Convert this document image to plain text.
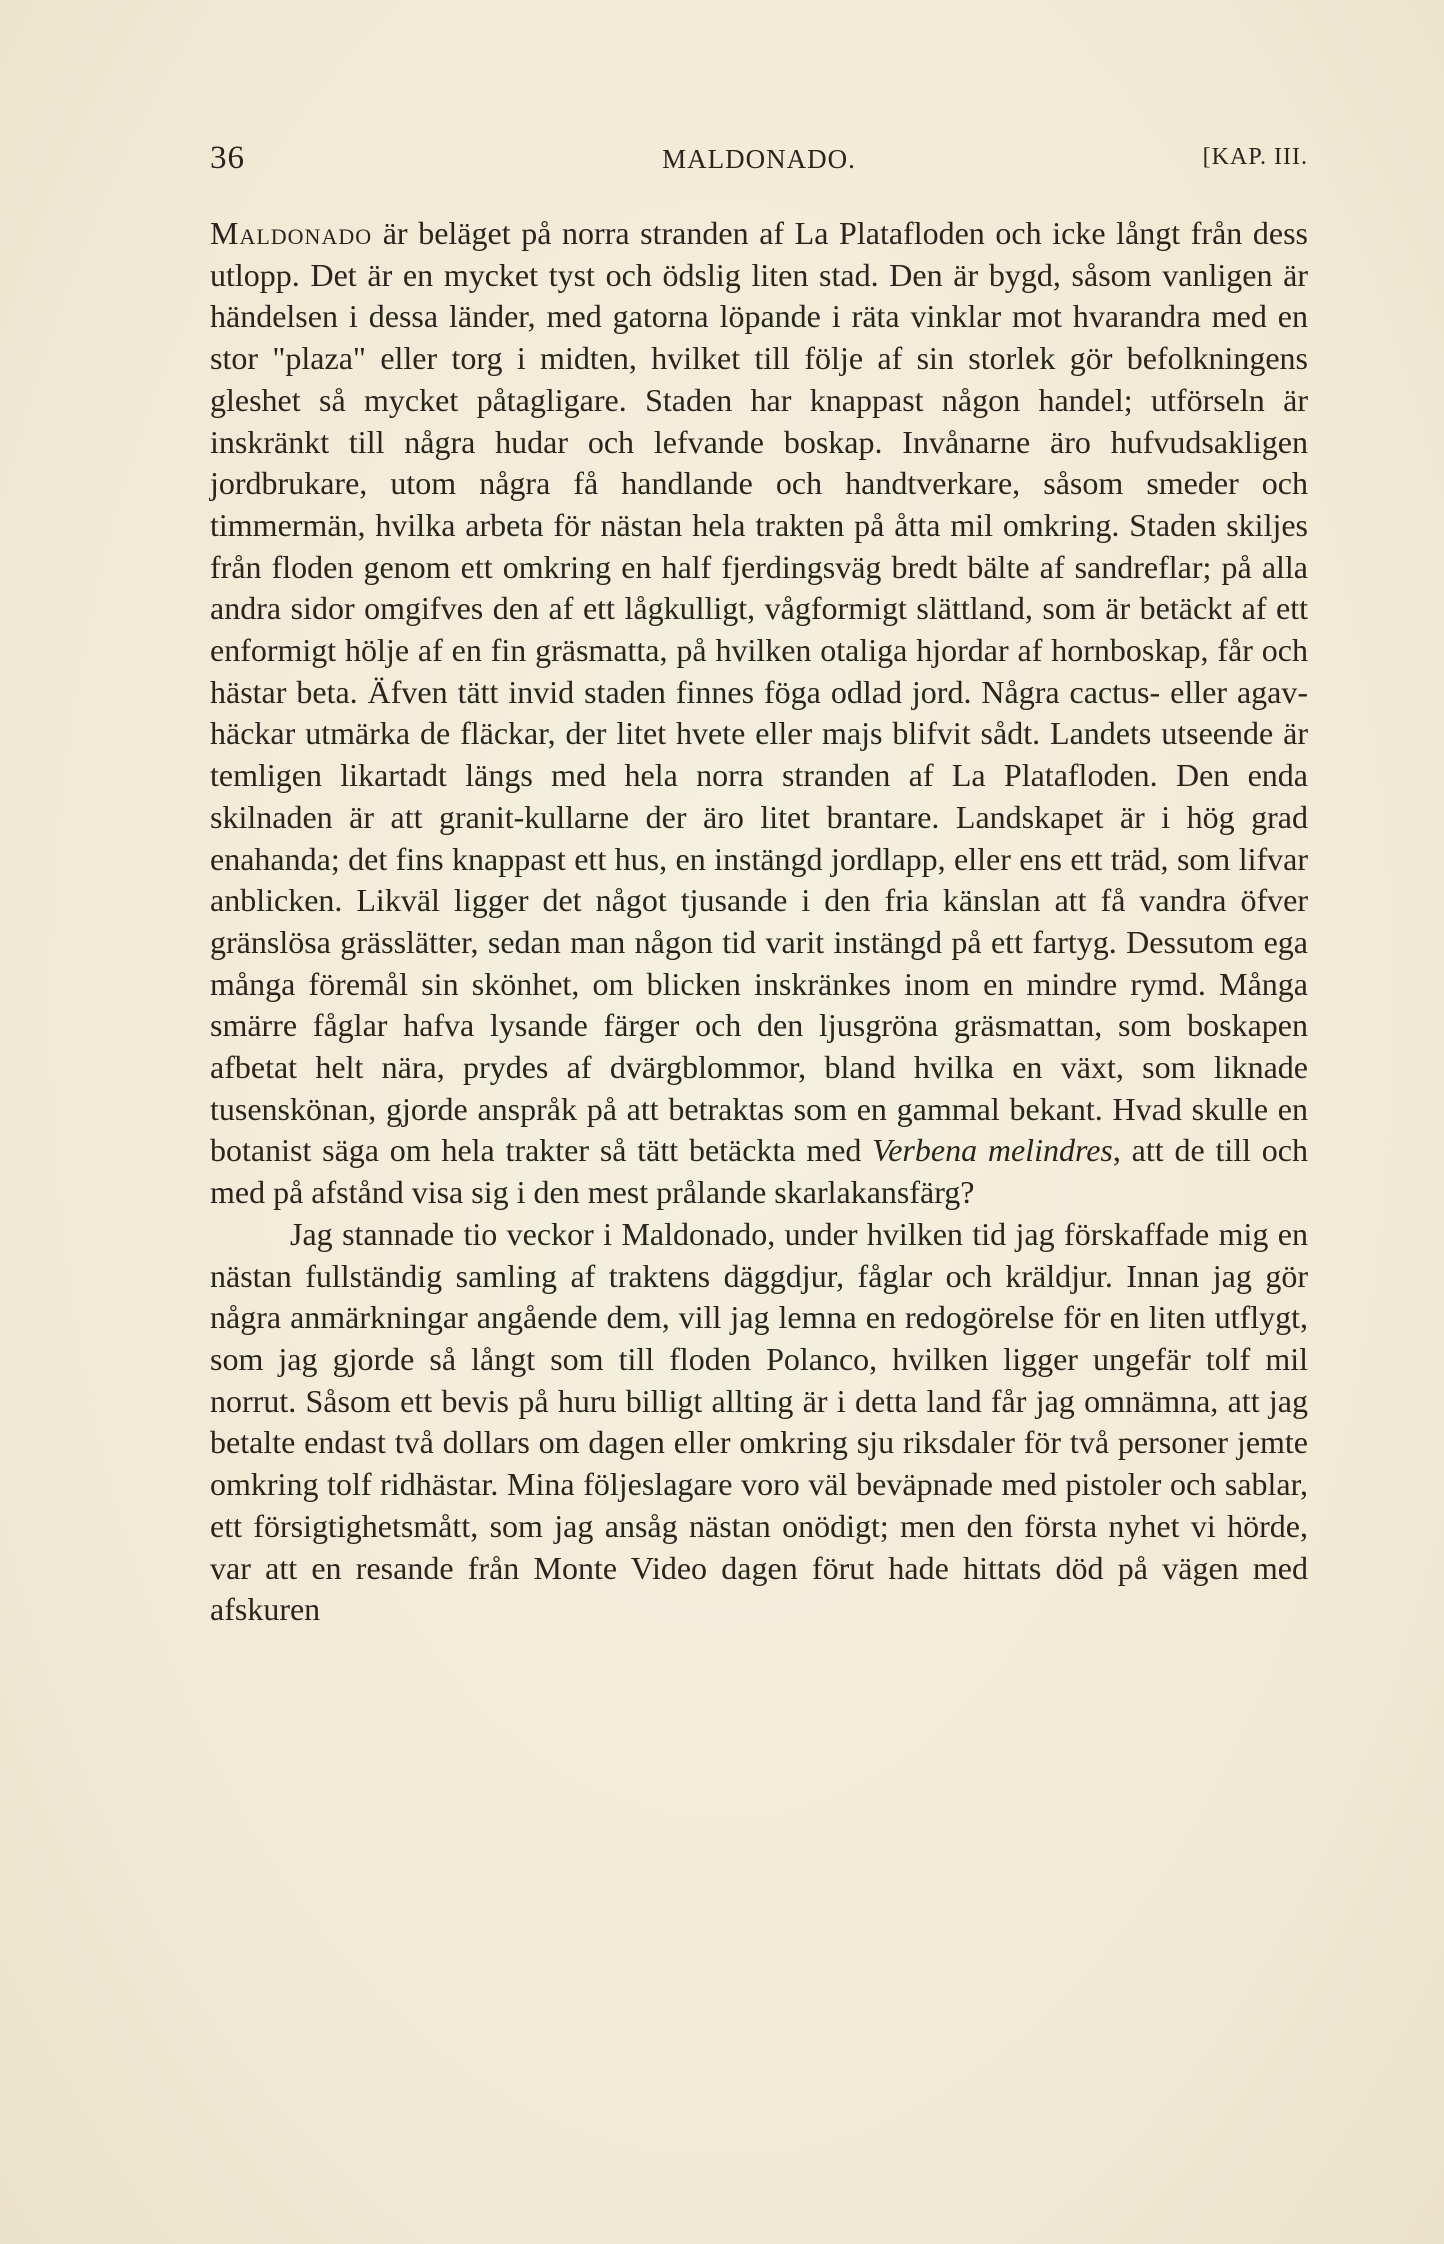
36	MALDONADO.	[KAP. III.

Maldonado är beläget på norra stranden af La Platafloden och icke långt från dess utlopp. Det är en mycket tyst och ödslig liten stad. Den är bygd, såsom vanligen är händelsen i dessa länder, med gatorna löpande i räta vinklar mot hvarandra med en stor "plaza" eller torg i midten, hvilket till följe af sin storlek gör befolkningens gleshet så mycket påtagligare. Staden har knappast någon handel; utförseln är inskränkt till några hudar och lefvande boskap. Invånarne äro hufvudsakligen jordbrukare, utom några få handlande och handtverkare, såsom smeder och timmermän, hvilka arbeta för nästan hela trakten på åtta mil omkring. Staden skiljes från floden genom ett omkring en half fjerdingsväg bredt bälte af sandreflar; på alla andra sidor omgifves den af ett lågkulligt, vågformigt slättland, som är betäckt af ett enformigt hölje af en fin gräsmatta, på hvilken otaliga hjordar af hornboskap, får och hästar beta. Äfven tätt invid staden finnes föga odlad jord. Några cactus- eller agav-häckar utmärka de fläckar, der litet hvete eller majs blifvit sådt. Landets utseende är temligen likartadt längs med hela norra stranden af La Platafloden. Den enda skilnaden är att granit-kullarne der äro litet brantare. Landskapet är i hög grad enahanda; det fins knappast ett hus, en instängd jordlapp, eller ens ett träd, som lifvar anblicken. Likväl ligger det något tjusande i den fria känslan att få vandra öfver gränslösa grässlätter, sedan man någon tid varit instängd på ett fartyg. Dessutom ega många föremål sin skönhet, om blicken inskränkes inom en mindre rymd. Många smärre fåglar hafva lysande färger och den ljusgröna gräsmattan, som boskapen afbetat helt nära, prydes af dvärgblommor, bland hvilka en växt, som liknade tusenskönan, gjorde anspråk på att betraktas som en gammal bekant. Hvad skulle en botanist säga om hela trakter så tätt betäckta med Verbena melindres, att de till och med på afstånd visa sig i den mest prålande skarlakansfärg?

Jag stannade tio veckor i Maldonado, under hvilken tid jag förskaffade mig en nästan fullständig samling af traktens däggdjur, fåglar och kräldjur. Innan jag gör några anmärkningar angående dem, vill jag lemna en redogörelse för en liten utflygt, som jag gjorde så långt som till floden Polanco, hvilken ligger ungefär tolf mil norrut. Såsom ett bevis på huru billigt allting är i detta land får jag omnämna, att jag betalte endast två dollars om dagen eller omkring sju riksdaler för två personer jemte omkring tolf ridhästar. Mina följeslagare voro väl beväpnade med pistoler och sablar, ett försigtighetsmått, som jag ansåg nästan onödigt; men den första nyhet vi hörde, var att en resande från Monte Video dagen förut hade hittats död på vägen med afskuren
